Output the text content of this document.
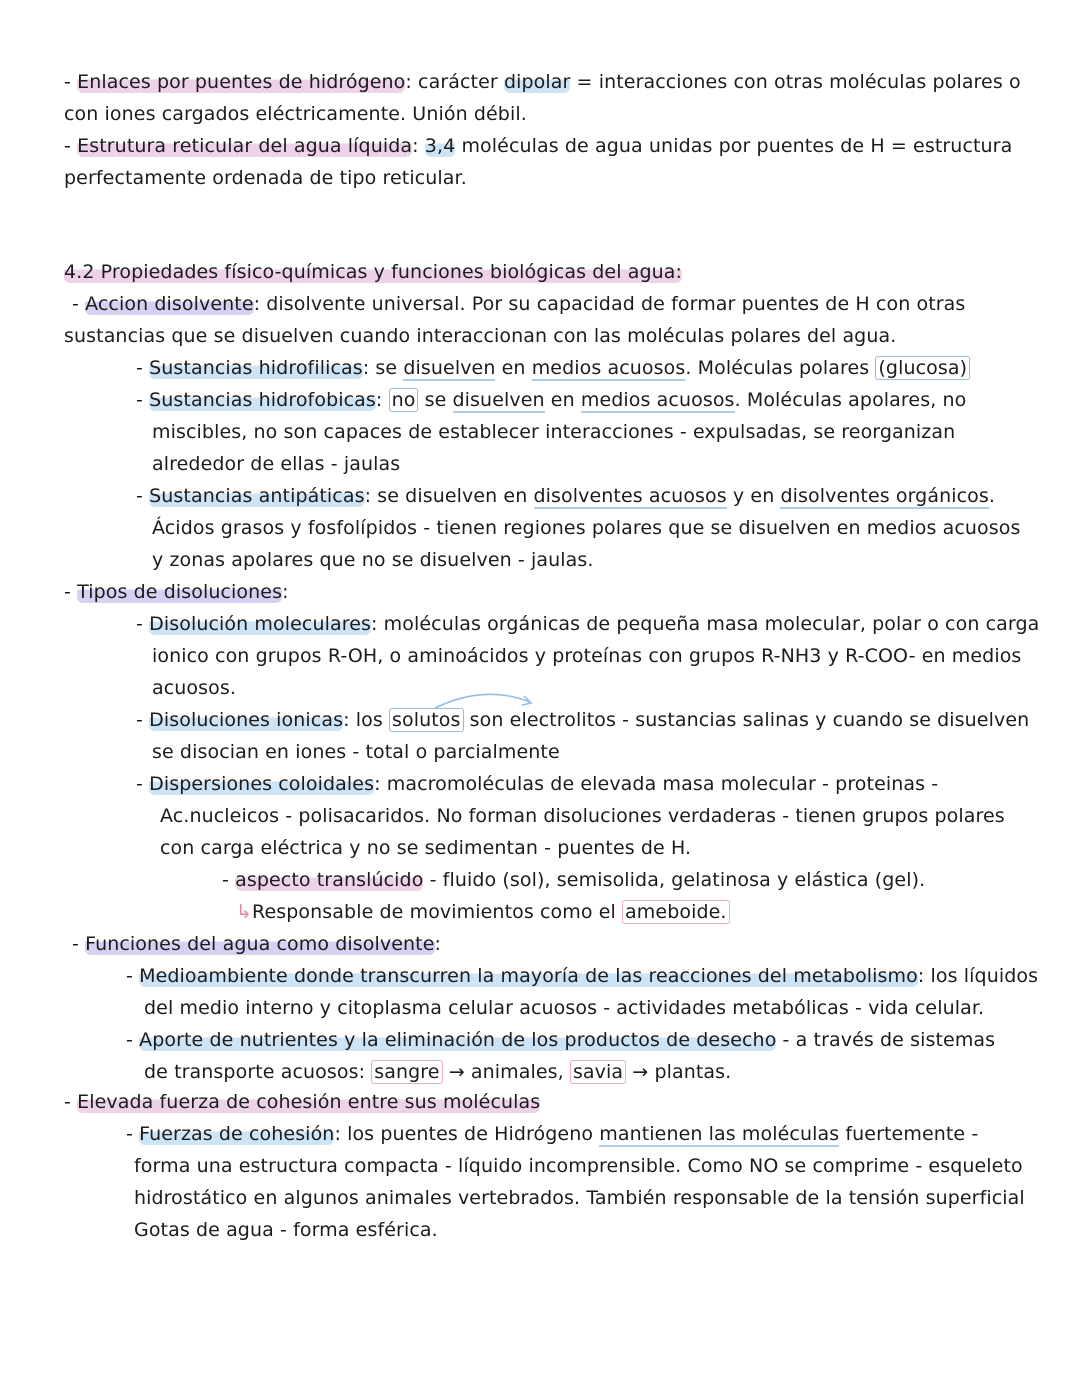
- Enlaces por puentes de hidrógeno: carácter dipolar = interacciones con otras moléculas polares o
con iones cargados eléctricamente. Unión débil.
- Estrutura reticular del agua líquida: 3,4 moléculas de agua unidas por puentes de H = estructura
perfectamente ordenada de tipo reticular.
4.2 Propiedades físico-químicas y funciones biológicas del agua:
- Accion disolvente: disolvente universal. Por su capacidad de formar puentes de H con otras
sustancias que se disuelven cuando interaccionan con las moléculas polares del agua.
- Sustancias hidrofilicas: se disuelven en medios acuosos. Moléculas polares (glucosa)
- Sustancias hidrofobicas: no se disuelven en medios acuosos. Moléculas apolares, no
miscibles, no son capaces de establecer interacciones - expulsadas, se reorganizan
alrededor de ellas - jaulas
- Sustancias antipáticas: se disuelven en disolventes acuosos y en disolventes orgánicos.
Ácidos grasos y fosfolípidos - tienen regiones polares que se disuelven en medios acuosos
y zonas apolares que no se disuelven - jaulas.
- Tipos de disoluciones:
- Disolución moleculares: moléculas orgánicas de pequeña masa molecular, polar o con carga
ionico con grupos R-OH, o aminoácidos y proteínas con grupos R-NH3 y R-COO- en medios
acuosos.
- Disoluciones ionicas: los solutos son electrolitos - sustancias salinas y cuando se disuelven
se disocian en iones - total o parcialmente
- Dispersiones coloidales: macromoléculas de elevada masa molecular - proteinas -
Ac.nucleicos - polisacaridos. No forman disoluciones verdaderas - tienen grupos polares
con carga eléctrica y no se sedimentan - puentes de H.
- aspecto translúcido - fluido (sol), semisolida, gelatinosa y elástica (gel).
↳Responsable de movimientos como el ameboide.
- Funciones del agua como disolvente:
- Medioambiente donde transcurren la mayoría de las reacciones del metabolismo: los líquidos
del medio interno y citoplasma celular acuosos - actividades metabólicas - vida celular.
- Aporte de nutrientes y la eliminación de los productos de desecho - a través de sistemas
de transporte acuosos: sangre → animales, savia → plantas.
- Elevada fuerza de cohesión entre sus moléculas
- Fuerzas de cohesión: los puentes de Hidrógeno mantienen las moléculas fuertemente -
forma una estructura compacta - líquido incomprensible. Como NO se comprime - esqueleto
hidrostático en algunos animales vertebrados. También responsable de la tensión superficial
Gotas de agua - forma esférica.
